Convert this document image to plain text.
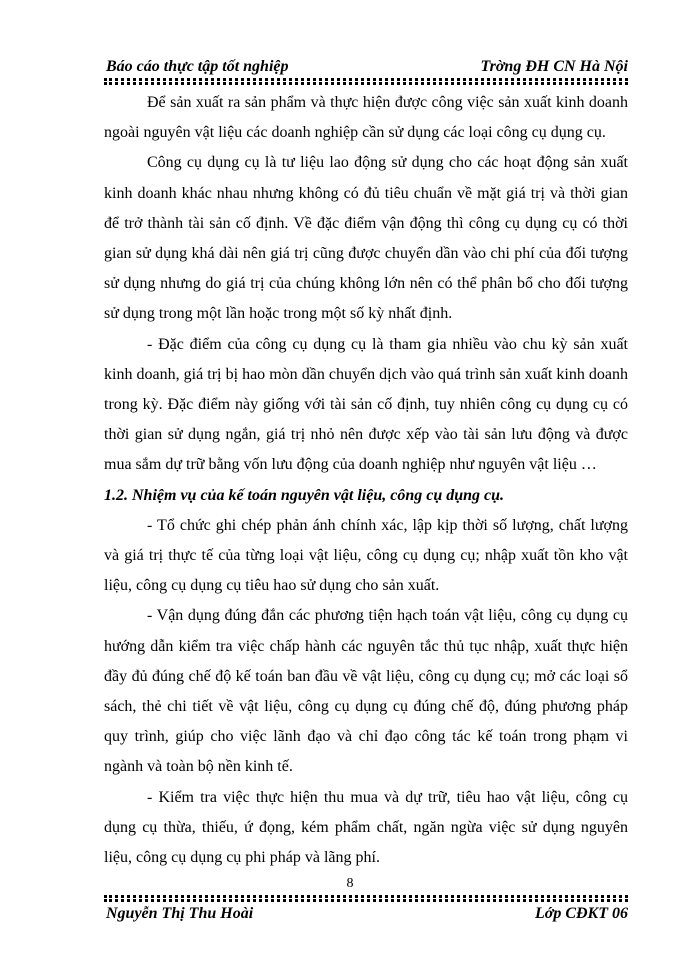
Báo cáo thực tập tốt nghiệp	Trờng ĐH CN Hà Nội

Để sản xuất ra sản phẩm và thực hiện được công việc sản xuất kinh doanh ngoài nguyên vật liệu các doanh nghiệp cần sử dụng các loại công cụ dụng cụ.

Công cụ dụng cụ là tư liệu lao động sử dụng cho các hoạt động sản xuất kinh doanh khác nhau nhưng không có đủ tiêu chuẩn về mặt giá trị và thời gian để trở thành tài sản cố định. Về đặc điểm vận động thì công cụ dụng cụ có thời gian sử dụng khá dài nên giá trị cũng được chuyển dần vào chi phí của đối tượng sử dụng nhưng do giá trị của chúng không lớn nên có thể phân bổ cho đối tượng sử dụng trong một lần hoặc trong một số kỳ nhất định.

- Đặc điểm của công cụ dụng cụ là tham gia nhiều vào chu kỳ sản xuất kinh doanh, giá trị bị hao mòn dần chuyển dịch vào quá trình sản xuất kinh doanh trong kỳ. Đặc điểm này giống với tài sản cố định, tuy nhiên công cụ dụng cụ có thời gian sử dụng ngắn, giá trị nhỏ nên được xếp vào tài sản lưu động và được mua sắm dự trữ bằng vốn lưu động của doanh nghiệp như nguyên vật liệu …

1.2. Nhiệm vụ của kế toán nguyên vật liệu, công cụ dụng cụ.

- Tổ chức ghi chép phản ánh chính xác, lập kịp thời số lượng, chất lượng và giá trị thực tế của từng loại vật liệu, công cụ dụng cụ; nhập xuất tồn kho vật liệu, công cụ dụng cụ tiêu hao sử dụng cho sản xuất.

- Vận dụng đúng đắn các phương tiện hạch toán vật liệu, công cụ dụng cụ hướng dẫn kiểm tra việc chấp hành các nguyên tắc thủ tục nhập, xuất thực hiện đầy đủ đúng chế độ kế toán ban đầu về vật liệu, công cụ dụng cụ; mở các loại sổ sách, thẻ chi tiết về vật liệu, công cụ dụng cụ đúng chế độ, đúng phương pháp quy trình, giúp cho việc lãnh đạo và chỉ đạo công tác kế toán trong phạm vi ngành và toàn bộ nền kinh tế.

- Kiểm tra việc thực hiện thu mua và dự trữ, tiêu hao vật liệu, công cụ dụng cụ thừa, thiếu, ứ đọng, kém phẩm chất, ngăn ngừa việc sử dụng nguyên liệu, công cụ dụng cụ phi pháp và lãng phí.

8
Nguyễn Thị Thu Hoài	Lớp CĐKT 06
